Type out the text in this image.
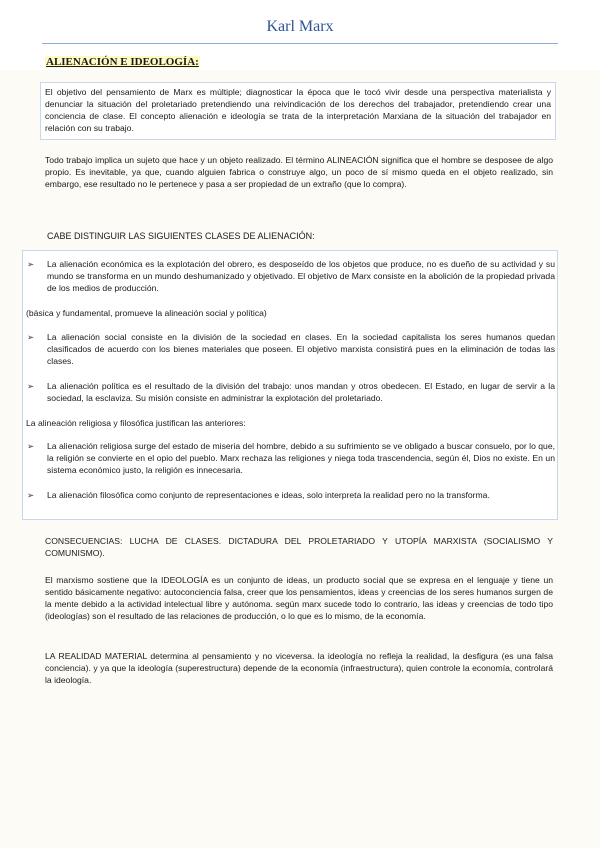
Karl Marx
ALIENACIÓN E IDEOLOGÍA:

El objetivo del pensamiento de Marx es múltiple; diagnosticar la época que le tocó vivir desde una perspectiva materialista y denunciar la situación del proletariado pretendiendo una reivindicación de los derechos del trabajador, pretendiendo crear una conciencia de clase. El concepto alienación e ideología se trata de la interpretación Marxiana de la situación del trabajador en relación con su trabajo.

Todo trabajo implica un sujeto que hace y un objeto realizado. El término ALINEACIÓN significa que el hombre se desposee de algo propio. Es inevitable, ya que, cuando alguien fabrica o construye algo, un poco de sí mismo queda en el objeto realizado, sin embargo, ese resultado no le pertenece y pasa a ser propiedad de un extraño (que lo compra).

CABE DISTINGUIR LAS SIGUIENTES CLASES DE ALIENACIÓN:
➢	La alienación económica es la explotación del obrero, es desposeído de los objetos que produce, no es dueño de su actividad y su mundo se transforma en un mundo deshumanizado y objetivado. El objetivo de Marx consiste en la abolición de la propiedad privada de los medios de producción.
(básica y fundamental, promueve la alineación social y política)
➢	La alienación social consiste en la división de la sociedad en clases. En la sociedad capitalista los seres humanos quedan clasificados de acuerdo con los bienes materiales que poseen. El objetivo marxista consistirá pues en la eliminación de todas las clases.
➢	La alienación política es el resultado de la división del trabajo: unos mandan y otros obedecen. El Estado, en lugar de servir a la sociedad, la esclaviza. Su misión consiste en administrar la explotación del proletariado.
La alineación religiosa y filosófica justifican las anteriores:
➢	La alienación religiosa surge del estado de miseria del hombre, debido a su sufrimiento se ve obligado a buscar consuelo, por lo que, la religión se convierte en el opio del pueblo. Marx rechaza las religiones y niega toda trascendencia, según él, Dios no existe. En un sistema económico justo, la religión es innecesaria.
➢	La alienación filosófica como conjunto de representaciones e ideas, solo interpreta la realidad pero no la transforma.

CONSECUENCIAS: LUCHA DE CLASES. DICTADURA DEL PROLETARIADO Y UTOPÍA MARXISTA (SOCIALISMO Y COMUNISMO).

El marxismo sostiene que la IDEOLOGÍA es un conjunto de ideas, un producto social que se expresa en el lenguaje y tiene un sentido básicamente negativo: autoconciencia falsa, creer que los pensamientos, ideas y creencias de los seres humanos surgen de la mente debido a la actividad intelectual libre y autónoma. según marx sucede todo lo contrario, las ideas y creencias de todo tipo (ideologías) son el resultado de las relaciones de producción, o lo que es lo mismo, de la economía.

LA REALIDAD MATERIAL determina al pensamiento y no viceversa. la ideología no refleja la realidad, la desfigura (es una falsa conciencia). y ya que la ideología (superestructura) depende de la economía (infraestructura), quien controle la economía, controlará la ideología.
